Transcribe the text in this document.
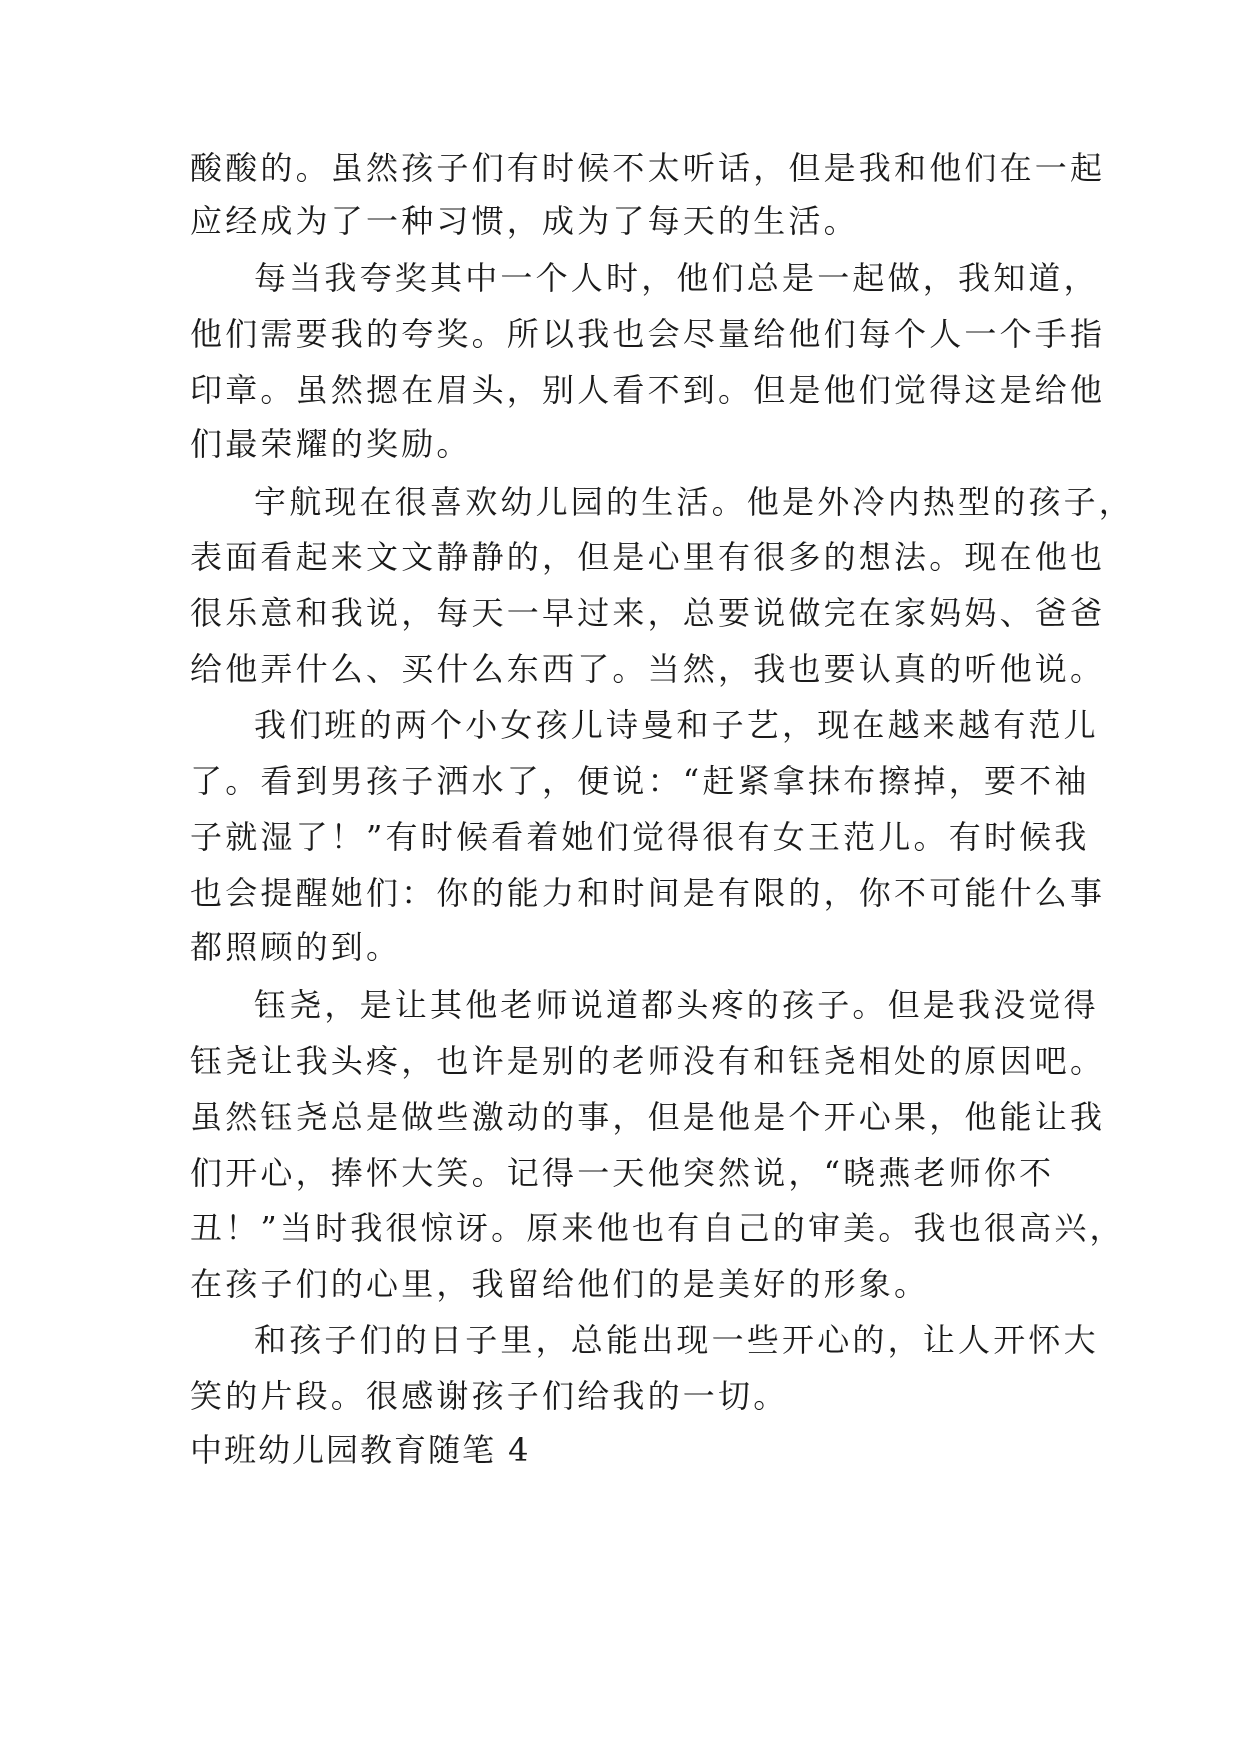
酸酸的。虽然孩子们有时候不太听话，但是我和他们在一起

应经成为了一种习惯，成为了每天的生活。

每当我夸奖其中一个人时，他们总是一起做，我知道，

他们需要我的夸奖。所以我也会尽量给他们每个人一个手指

印章。虽然摁在眉头，别人看不到。但是他们觉得这是给他

们最荣耀的奖励。

宇航现在很喜欢幼儿园的生活。他是外冷内热型的孩子，

表面看起来文文静静的，但是心里有很多的想法。现在他也

很乐意和我说，每天一早过来，总要说做完在家妈妈、爸爸

给他弄什么、买什么东西了。当然，我也要认真的听他说。

我们班的两个小女孩儿诗曼和子艺，现在越来越有范儿

了。看到男孩子洒水了，便说：“赶紧拿抹布擦掉，要不袖

子就湿了！”有时候看着她们觉得很有女王范儿。有时候我

也会提醒她们：你的能力和时间是有限的，你不可能什么事

都照顾的到。

钰尧，是让其他老师说道都头疼的孩子。但是我没觉得

钰尧让我头疼，也许是别的老师没有和钰尧相处的原因吧。

虽然钰尧总是做些激动的事，但是他是个开心果，他能让我

们开心，捧怀大笑。记得一天他突然说，“晓燕老师你不

丑！”当时我很惊讶。原来他也有自己的审美。我也很高兴，

在孩子们的心里，我留给他们的是美好的形象。

和孩子们的日子里，总能出现一些开心的，让人开怀大

笑的片段。很感谢孩子们给我的一切。

中班幼儿园教育随笔 4
